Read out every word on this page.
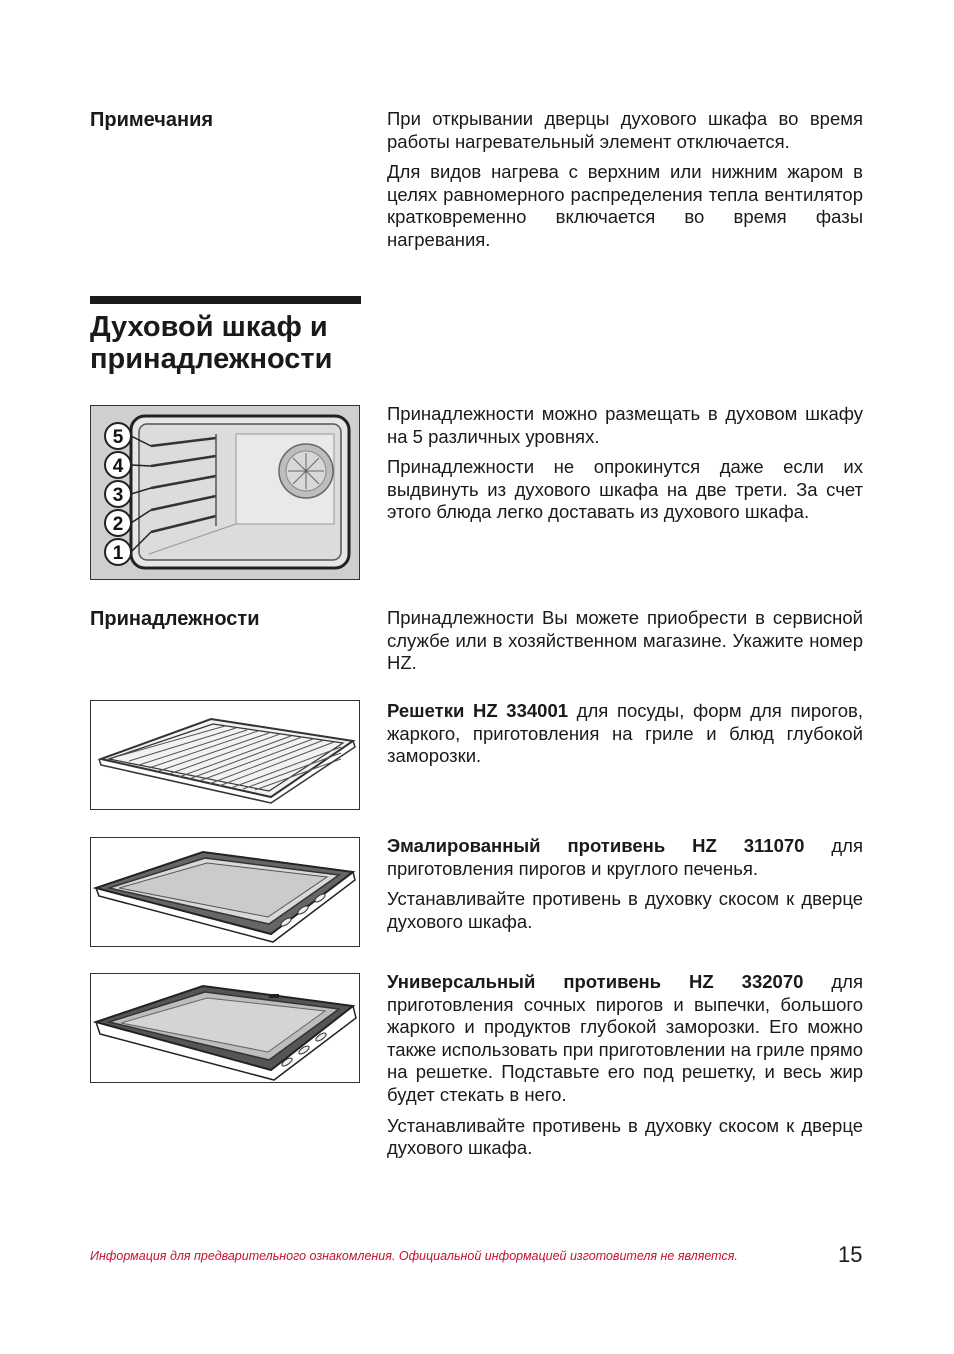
Примечания	При открывании дверцы духового шкафа во время работы нагревательный элемент отключается.

Для видов нагрева с верхним или нижним жаром в целях равномерного распределения тепла вентилятор кратковременно включается во время фазы нагревания.

Духовой шкаф и
принадлежности
5
4
3
2
1

Принадлежности можно размещать в духовом шкафу на 5 различных уровнях.

Принадлежности не опрокинутся даже если их выдвинуть из духового шкафа на две трети. За счет этого блюда легко доставать из духового шкафа.

Принадлежности	Принадлежности Вы можете приобрести в сервисной службе или в хозяйственном магазине. Укажите номер HZ.

Решетки HZ 334001 для посуды, форм для пирогов, жаркого, приготовления на гриле и блюд глубокой заморозки.

Эмалированный противень HZ 311070 для приготовления пирогов и круглого печенья.

Устанавливайте противень в духовку скосом к дверце духового шкафа.

Универсальный противень HZ 332070 для приготовления сочных пирогов и выпечки, большого жаркого и продуктов глубокой заморозки. Его можно также использовать при приготовлении на гриле прямо на решетке. Подставьте его под решетку, и весь жир будет стекать в него.

Устанавливайте противень в духовку скосом к дверце духового шкафа.

Информация для предварительного ознакомления. Официальной информацией изготовителя не является.	15
